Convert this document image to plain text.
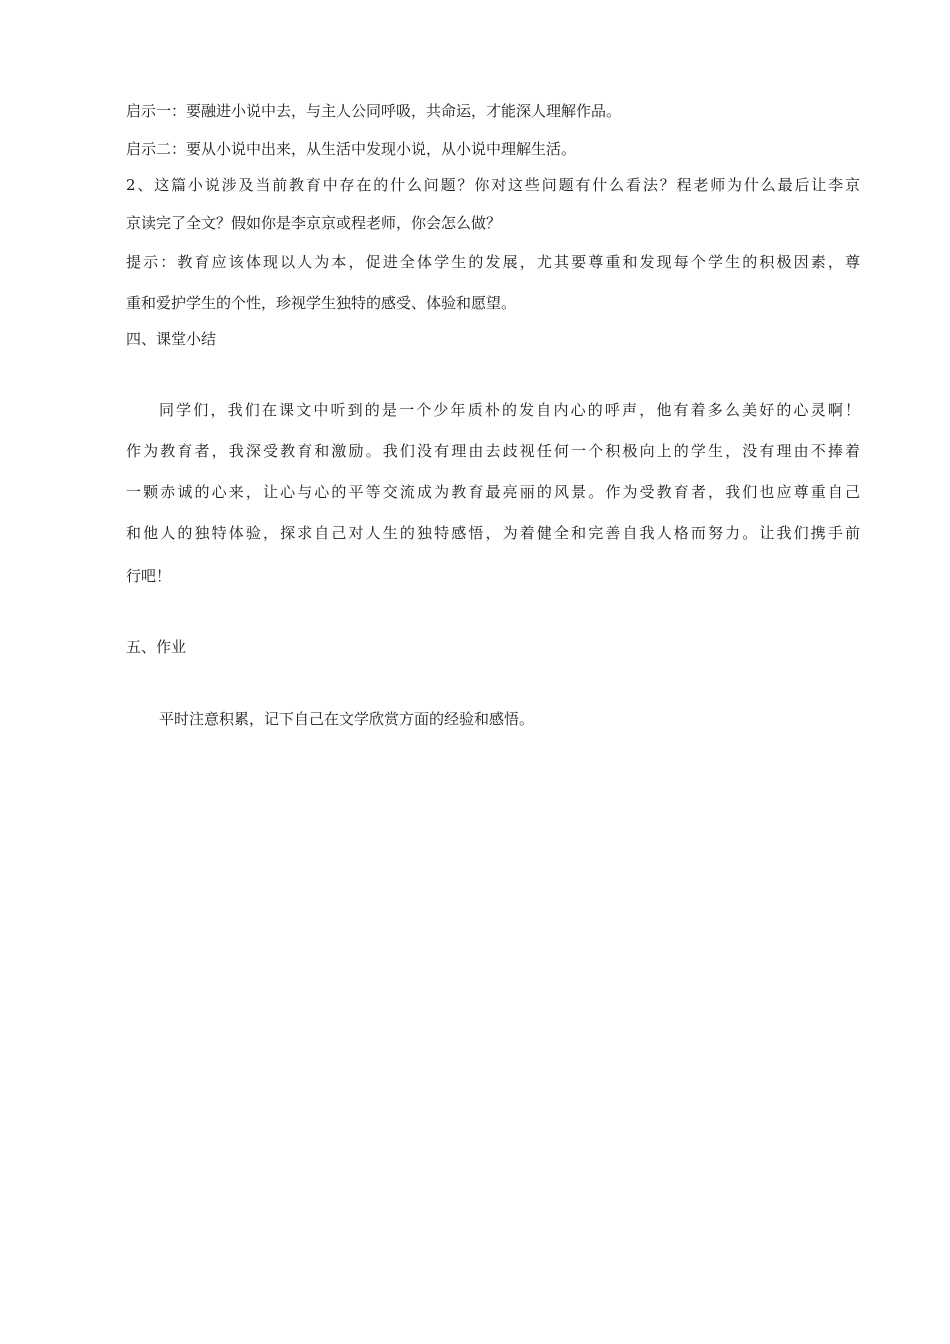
启示一：要融进小说中去，与主人公同呼吸，共命运，才能深人理解作品。
启示二：要从小说中出来，从生活中发现小说，从小说中理解生活。
2、这篇小说涉及当前教育中存在的什么问题？你对这些问题有什么看法？程老师为什么最后让李京
京读完了全文？假如你是李京京或程老师，你会怎么做？
提示：教育应该体现以人为本，促进全体学生的发展，尤其要尊重和发现每个学生的积极因素，尊
重和爱护学生的个性，珍视学生独特的感受、体验和愿望。
四、课堂小结
同学们，我们在课文中听到的是一个少年质朴的发自内心的呼声，他有着多么美好的心灵啊！
作为教育者，我深受教育和激励。我们没有理由去歧视任何一个积极向上的学生，没有理由不捧着
一颗赤诚的心来，让心与心的平等交流成为教育最亮丽的风景。作为受教育者，我们也应尊重自己
和他人的独特体验，探求自己对人生的独特感悟，为着健全和完善自我人格而努力。让我们携手前
行吧！
五、作业
平时注意积累，记下自己在文学欣赏方面的经验和感悟。
